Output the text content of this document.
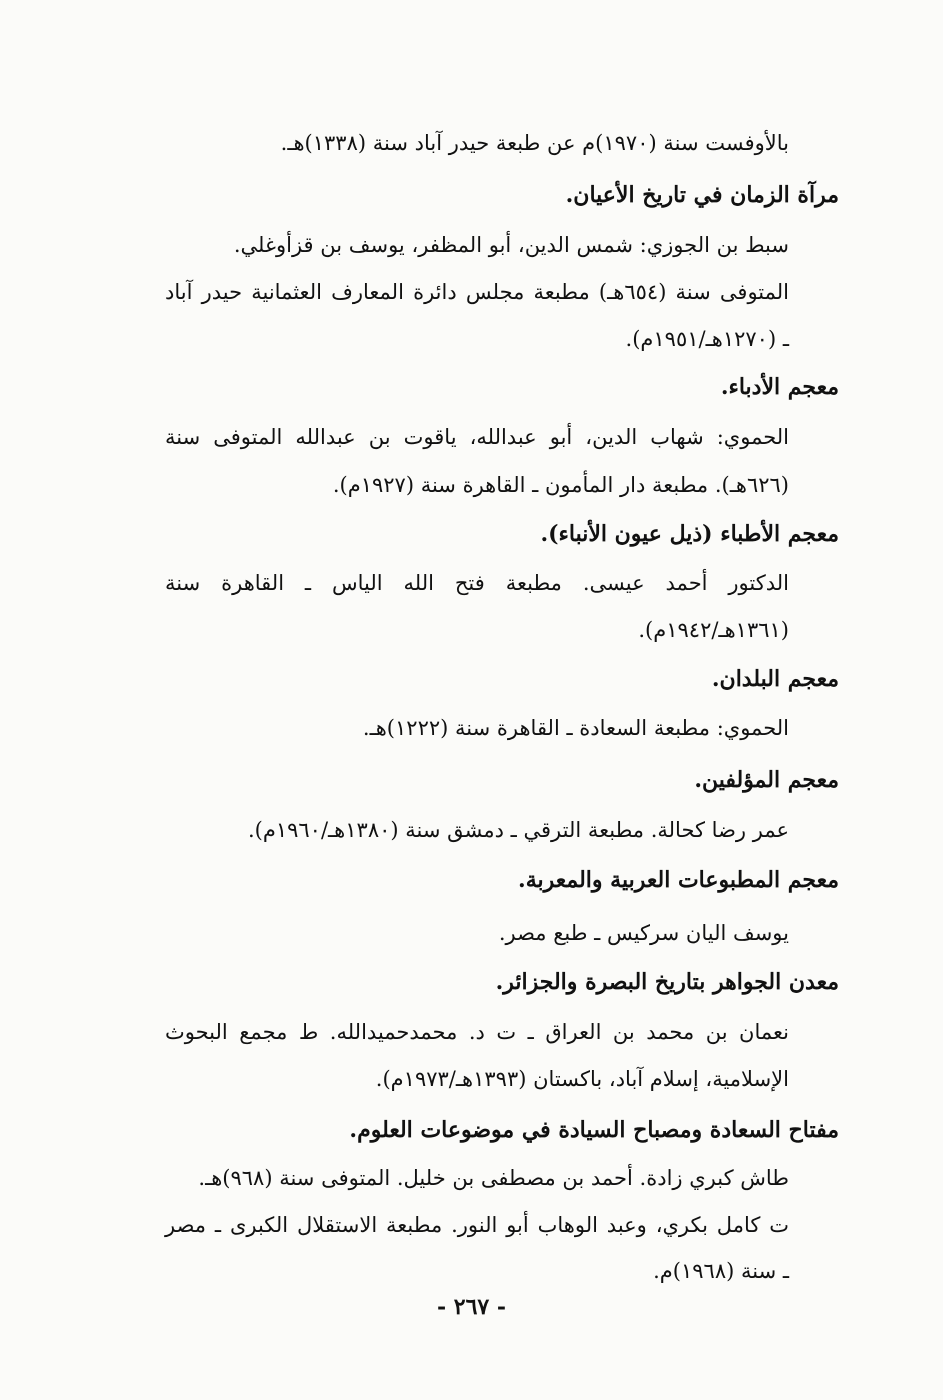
بالأوفست سنة (١٩٧٠)م عن طبعة حيدر آباد سنة (١٣٣٨)هـ.
مرآة الزمان في تاريخ الأعيان.
سبط بن الجوزي: شمس الدين، أبو المظفر، يوسف بن قزأوغلي.
المتوفى سنة (٦٥٤هـ) مطبعة مجلس دائرة المعارف العثمانية حيدر آباد
ـ (١٢٧٠هـ/١٩٥١م).
معجم الأدباء.
الحموي: شهاب الدين، أبو عبدالله، ياقوت بن عبدالله المتوفى سنة
(٦٢٦هـ). مطبعة دار المأمون ـ القاهرة سنة (١٩٢٧م).
معجم الأطباء (ذيل عيون الأنباء).
الدكتور أحمد عيسى. مطبعة فتح الله الياس ـ القاهرة سنة
(١٣٦١هـ/١٩٤٢م).
معجم البلدان.
الحموي: مطبعة السعادة ـ القاهرة سنة (١٢٢٢)هـ.
معجم المؤلفين.
عمر رضا كحالة. مطبعة الترقي ـ دمشق سنة (١٣٨٠هـ/١٩٦٠م).
معجم المطبوعات العربية والمعربة.
يوسف اليان سركيس ـ طبع مصر.
معدن الجواهر بتاريخ البصرة والجزائر.
نعمان بن محمد بن العراق ـ ت د. محمدحميدالله. ط مجمع البحوث
الإسلامية، إسلام آباد، باكستان (١٣٩٣هـ/١٩٧٣م).
مفتاح السعادة ومصباح السيادة في موضوعات العلوم.
طاش كبري زادة. أحمد بن مصطفى بن خليل. المتوفى سنة (٩٦٨)هـ.
ت كامل بكري، وعبد الوهاب أبو النور. مطبعة الاستقلال الكبرى ـ مصر
ـ سنة (١٩٦٨)م.
- ٢٦٧ -
